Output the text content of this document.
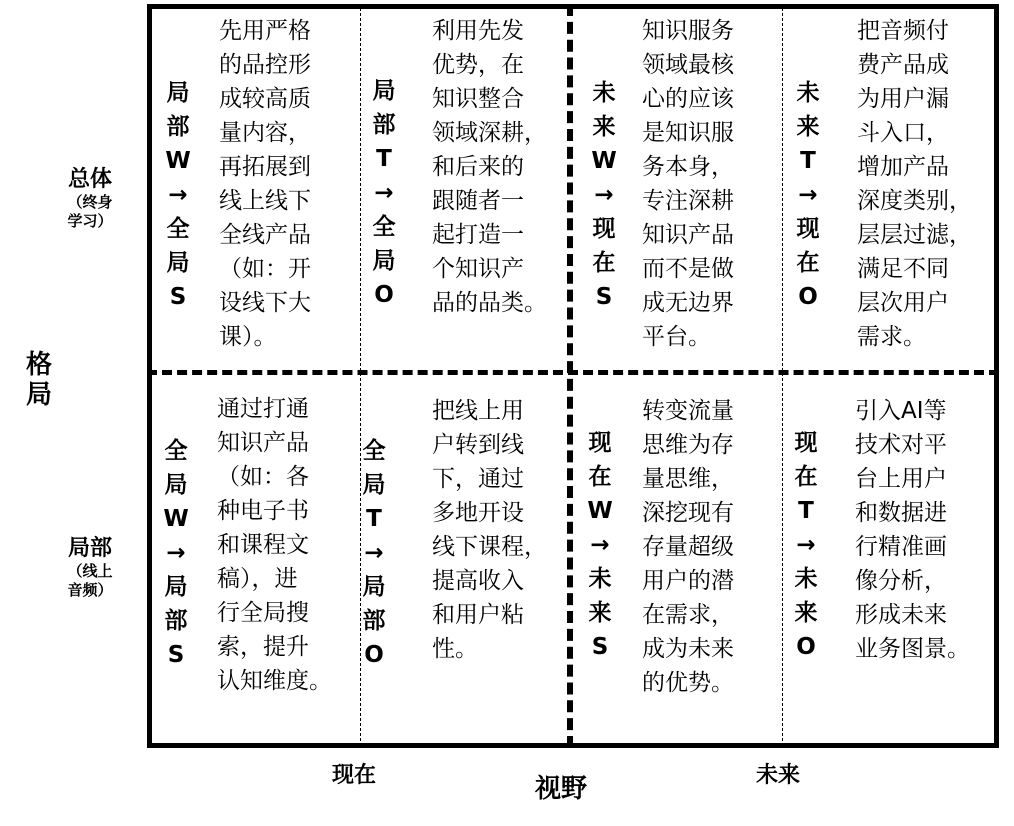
格
局
总体
（终身
学习）
局部
（线上
音频）
现在	未来
视野
局
部
W
→
全
局
S
先用严格
的品控形
成较高质
量内容，
再拓展到
线上线下
全线产品
（如：开
设线下大
课）。
局
部
T
→
全
局
O
利用先发
优势，在
知识整合
领域深耕，
和后来的
跟随者一
起打造一
个知识产
品的品类。
未
来
W
→
现
在
S
知识服务
领域最核
心的应该
是知识服
务本身，
专注深耕
知识产品
而不是做
成无边界
平台。
未
来
T
→
现
在
O
把音频付
费产品成
为用户漏
斗入口，
增加产品
深度类别，
层层过滤，
满足不同
层次用户
需求。
全
局
W
→
局
部
S
通过打通
知识产品
（如：各
种电子书
和课程文
稿），进
行全局搜
索，提升
认知维度。
全
局
T
→
局
部
O
把线上用
户转到线
下，通过
多地开设
线下课程，
提高收入
和用户粘
性。
现
在
W
→
未
来
S
转变流量
思维为存
量思维，
深挖现有
存量超级
用户的潜
在需求，
成为未来
的优势。
现
在
T
→
未
来
O
引入AI等
技术对平
台上用户
和数据进
行精准画
像分析，
形成未来
业务图景。
